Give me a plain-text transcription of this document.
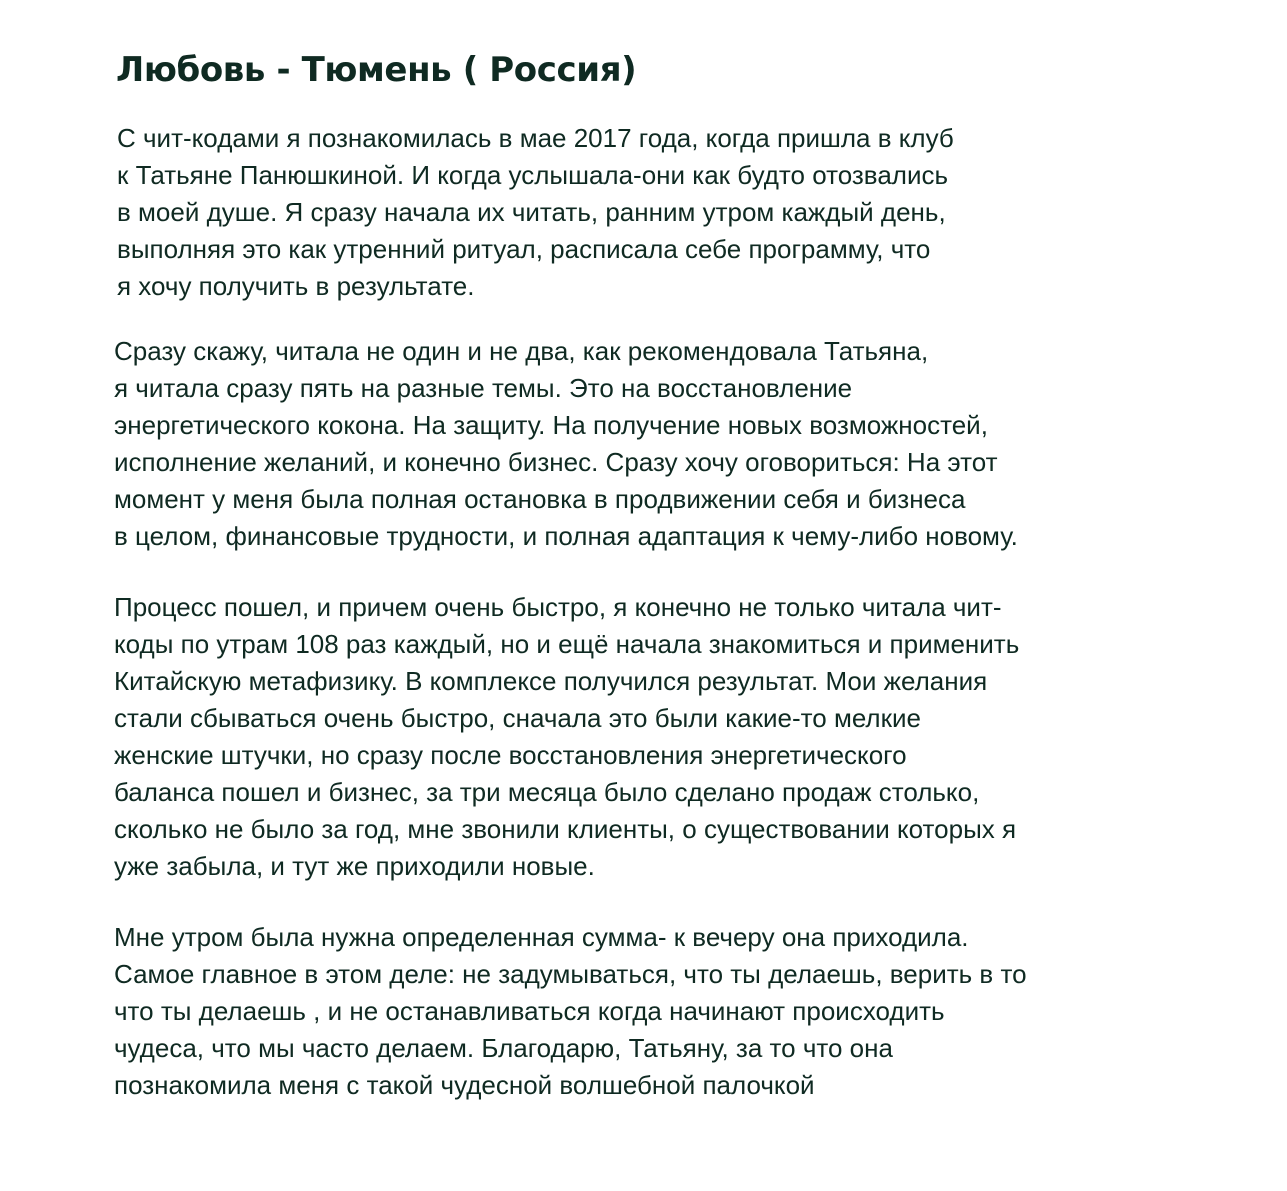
Любовь - Тюмень ( Россия)

С чит-кодами я познакомилась в мае 2017 года, когда пришла в клуб
к Татьяне Панюшкиной. И когда услышала-они как будто отозвались
в моей душе. Я сразу начала их читать, ранним утром каждый день,
выполняя это как утренний ритуал, расписала себе программу, что
я хочу получить в результате.

Сразу скажу, читала не один и не два, как рекомендовала Татьяна,
я читала сразу пять на разные темы. Это на восстановление
энергетического кокона. На защиту. На получение новых возможностей,
исполнение желаний, и конечно бизнес. Сразу хочу оговориться: На этот
момент у меня была полная остановка в продвижении себя и бизнеса
в целом, финансовые трудности, и полная адаптация к чему-либо новому.

Процесс пошел, и причем очень быстро, я конечно не только читала чит-
коды по утрам 108 раз каждый, но и ещё начала знакомиться и применить
Китайскую метафизику. В комплексе получился результат. Мои желания
стали сбываться очень быстро, сначала это были какие-то мелкие
женские штучки, но сразу после восстановления энергетического
баланса пошел и бизнес, за три месяца было сделано продаж столько,
сколько не было за год, мне звонили клиенты, о существовании которых я
уже забыла, и тут же приходили новые.

Мне утром была нужна определенная сумма- к вечеру она приходила.
Самое главное в этом деле: не задумываться, что ты делаешь, верить в то
что ты делаешь , и не останавливаться когда начинают происходить
чудеса, что мы часто делаем. Благодарю, Татьяну, за то что она
познакомила меня с такой чудесной волшебной палочкой
